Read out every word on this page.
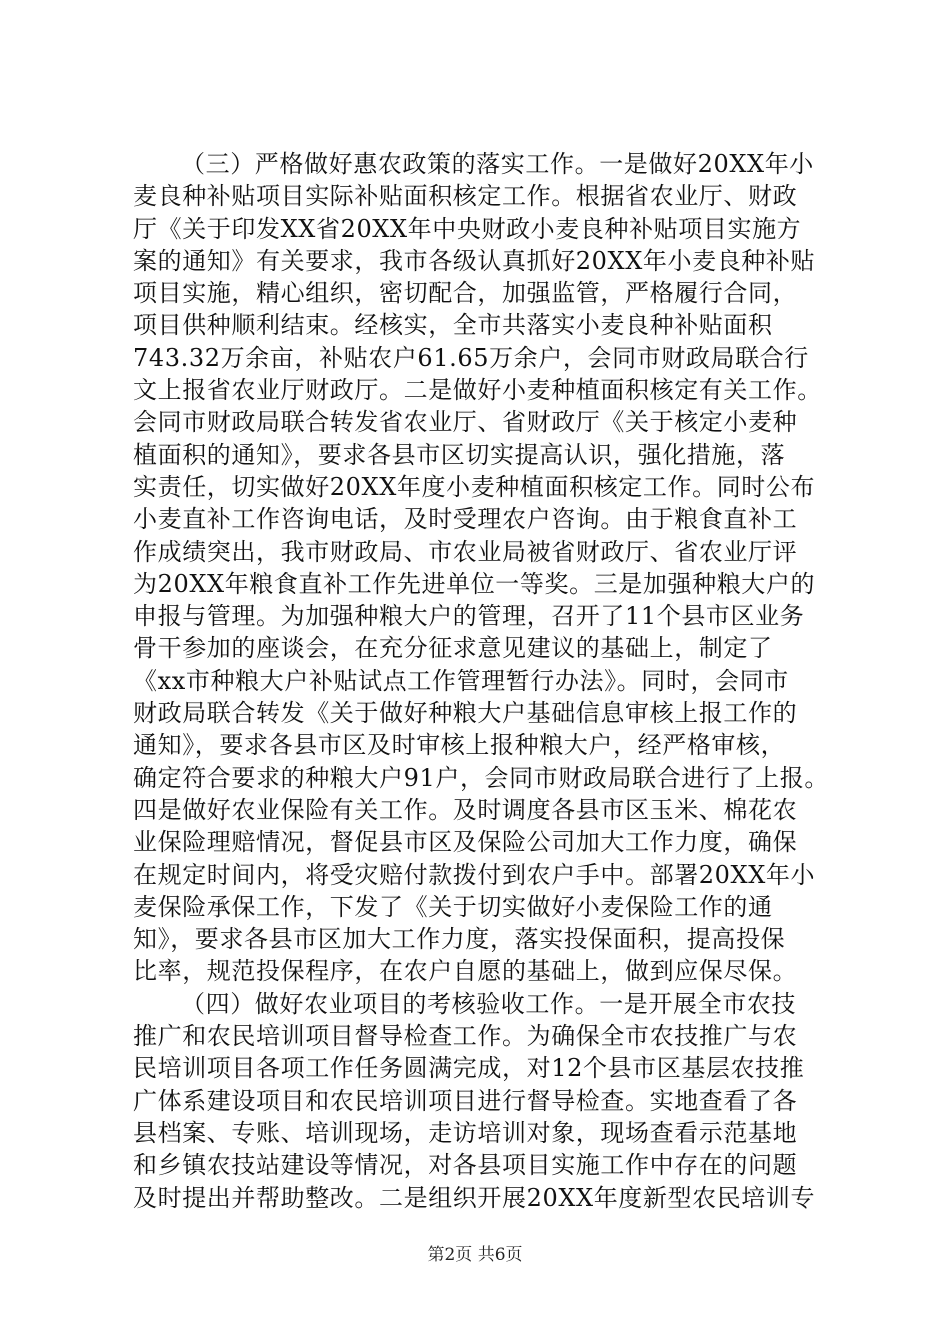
（三）严格做好惠农政策的落实工作。一是做好20XX年小
麦良种补贴项目实际补贴面积核定工作。根据省农业厅、财政
厅《关于印发XX省20XX年中央财政小麦良种补贴项目实施方
案的通知》有关要求，我市各级认真抓好20XX年小麦良种补贴
项目实施，精心组织，密切配合，加强监管，严格履行合同，
项目供种顺利结束。经核实，全市共落实小麦良种补贴面积
743.32万余亩，补贴农户61.65万余户，会同市财政局联合行
文上报省农业厅财政厅。二是做好小麦种植面积核定有关工作。
会同市财政局联合转发省农业厅、省财政厅《关于核定小麦种
植面积的通知》，要求各县市区切实提高认识，强化措施，落
实责任，切实做好20XX年度小麦种植面积核定工作。同时公布
小麦直补工作咨询电话，及时受理农户咨询。由于粮食直补工
作成绩突出，我市财政局、市农业局被省财政厅、省农业厅评
为20XX年粮食直补工作先进单位一等奖。三是加强种粮大户的
申报与管理。为加强种粮大户的管理，召开了11个县市区业务
骨干参加的座谈会，在充分征求意见建议的基础上，制定了
《xx市种粮大户补贴试点工作管理暂行办法》。同时，会同市
财政局联合转发《关于做好种粮大户基础信息审核上报工作的
通知》，要求各县市区及时审核上报种粮大户，经严格审核，
确定符合要求的种粮大户91户，会同市财政局联合进行了上报。
四是做好农业保险有关工作。及时调度各县市区玉米、棉花农
业保险理赔情况，督促县市区及保险公司加大工作力度，确保
在规定时间内，将受灾赔付款拨付到农户手中。部署20XX年小
麦保险承保工作，下发了《关于切实做好小麦保险工作的通
知》，要求各县市区加大工作力度，落实投保面积，提高投保
比率，规范投保程序，在农户自愿的基础上，做到应保尽保。
（四）做好农业项目的考核验收工作。一是开展全市农技
推广和农民培训项目督导检查工作。为确保全市农技推广与农
民培训项目各项工作任务圆满完成，对12个县市区基层农技推
广体系建设项目和农民培训项目进行督导检查。实地查看了各
县档案、专账、培训现场，走访培训对象，现场查看示范基地
和乡镇农技站建设等情况，对各县项目实施工作中存在的问题
及时提出并帮助整改。二是组织开展20XX年度新型农民培训专
第2页 共6页
